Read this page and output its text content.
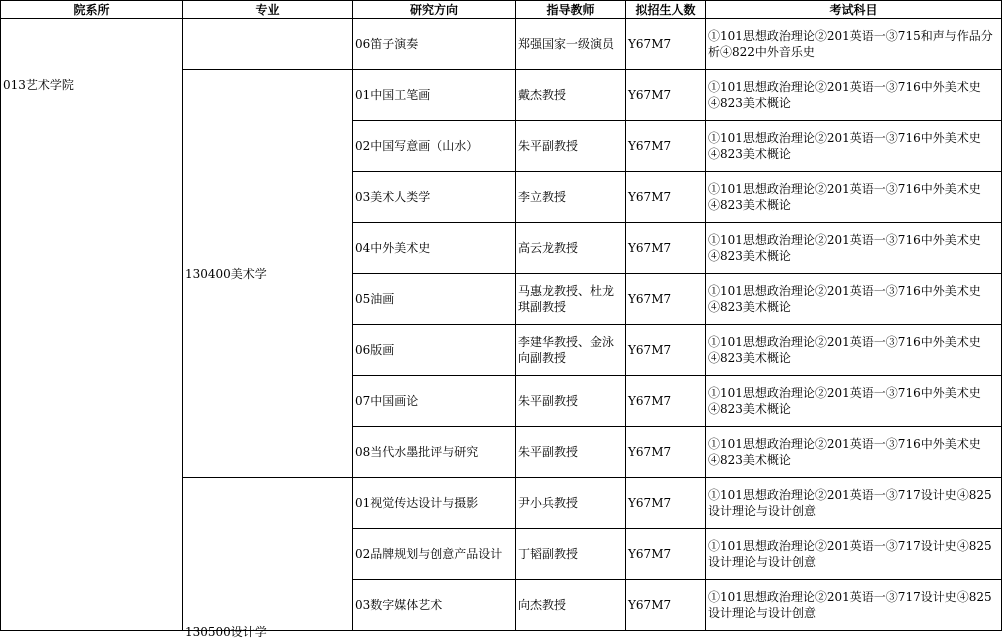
院系所	专业	研究方向	指导教师	拟招生人数	考试科目
013艺术学院		06笛子演奏	郑强国家一级演员	Y67M7	①101思想政治理论②201英语一③715和声与作品分析④822中外音乐史
	130400美术学	01中国工笔画	戴杰教授	Y67M7	①101思想政治理论②201英语一③716中外美术史④823美术概论
		02中国写意画（山水）	朱平副教授	Y67M7	①101思想政治理论②201英语一③716中外美术史④823美术概论
		03美术人类学	李立教授	Y67M7	①101思想政治理论②201英语一③716中外美术史④823美术概论
		04中外美术史	高云龙教授	Y67M7	①101思想政治理论②201英语一③716中外美术史④823美术概论
		05油画	马惠龙教授、杜龙琪副教授	Y67M7	①101思想政治理论②201英语一③716中外美术史④823美术概论
		06版画	李建华教授、金泳向副教授	Y67M7	①101思想政治理论②201英语一③716中外美术史④823美术概论
		07中国画论	朱平副教授	Y67M7	①101思想政治理论②201英语一③716中外美术史④823美术概论
		08当代水墨批评与研究	朱平副教授	Y67M7	①101思想政治理论②201英语一③716中外美术史④823美术概论

	130500设计学	01视觉传达设计与摄影	尹小兵教授	Y67M7	①101思想政治理论②201英语一③717设计史④825设计理论与设计创意
		02品牌规划与创意产品设计	丁韬副教授	Y67M7	①101思想政治理论②201英语一③717设计史④825设计理论与设计创意
		03数字媒体艺术	向杰教授	Y67M7	①101思想政治理论②201英语一③717设计史④825设计理论与设计创意
